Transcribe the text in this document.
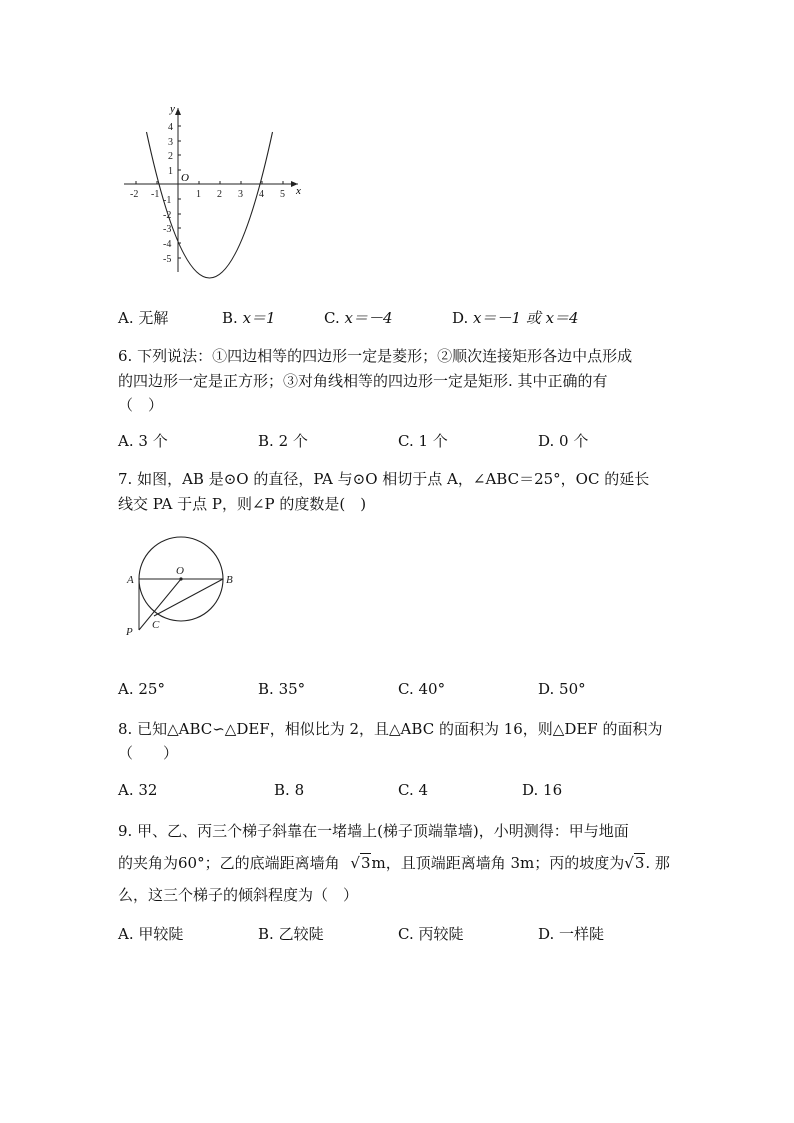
-2 -1	1 2 3 4 5
4
3
2
1
-1
-2
-3
-4
-5
x
y
O
A. 无解	B. x＝1	C. x＝－4	D. x＝－1 或 x＝4
6. 下列说法：①四边相等的四边形一定是菱形；②顺次连接矩形各边中点形成
的四边形一定是正方形；③对角线相等的四边形一定是矩形. 其中正确的有
（　）
A. 3 个	B. 2 个	C. 1 个	D. 0 个
7. 如图，AB 是⊙O 的直径，PA 与⊙O 相切于点 A，∠ABC＝25°，OC 的延长
线交 PA 于点 P，则∠P 的度数是(　)
A	B
O
C
P
A. 25°	B. 35°	C. 40°	D. 50°
8. 已知△ABC∽△DEF，相似比为 2，且△ABC 的面积为 16，则△DEF 的面积为
（　　）
A. 32	B. 8	C. 4	D. 16
9. 甲、乙、丙三个梯子斜靠在一堵墙上(梯子顶端靠墙)，小明测得：甲与地面
的夹角为60°；乙的底端距离墙角 √3m，且顶端距离墙角 3m；丙的坡度为√3. 那
么，这三个梯子的倾斜程度为（　）
A. 甲较陡	B. 乙较陡	C. 丙较陡	D. 一样陡
